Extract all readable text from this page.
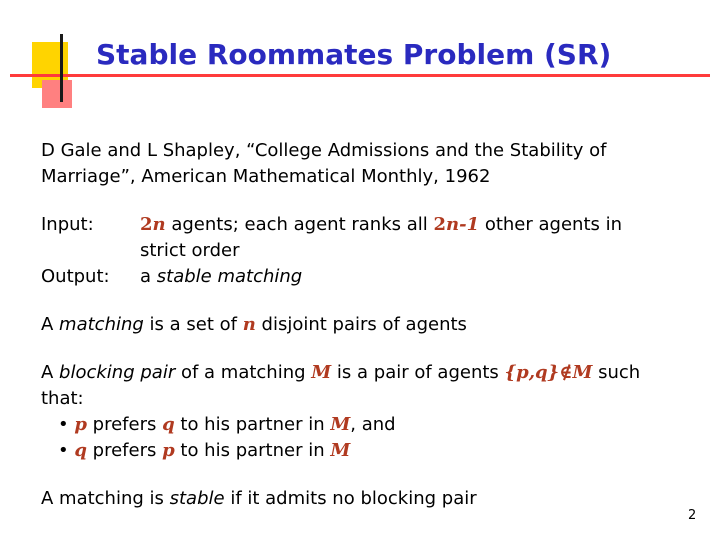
Stable Roommates Problem (SR)
D Gale and L Shapley, “College Admissions and the Stability of
Marriage”, American Mathematical Monthly, 1962
Input:	2n agents; each agent ranks all 2n-1 other agents in
strict order
Output: a stable matching
A matching is a set of n disjoint pairs of agents
A blocking pair of a matching M is a pair of agents {p,q}∉M such
that:
• p prefers q to his partner in M, and
• q prefers p to his partner in M
A matching is stable if it admits no blocking pair
2
